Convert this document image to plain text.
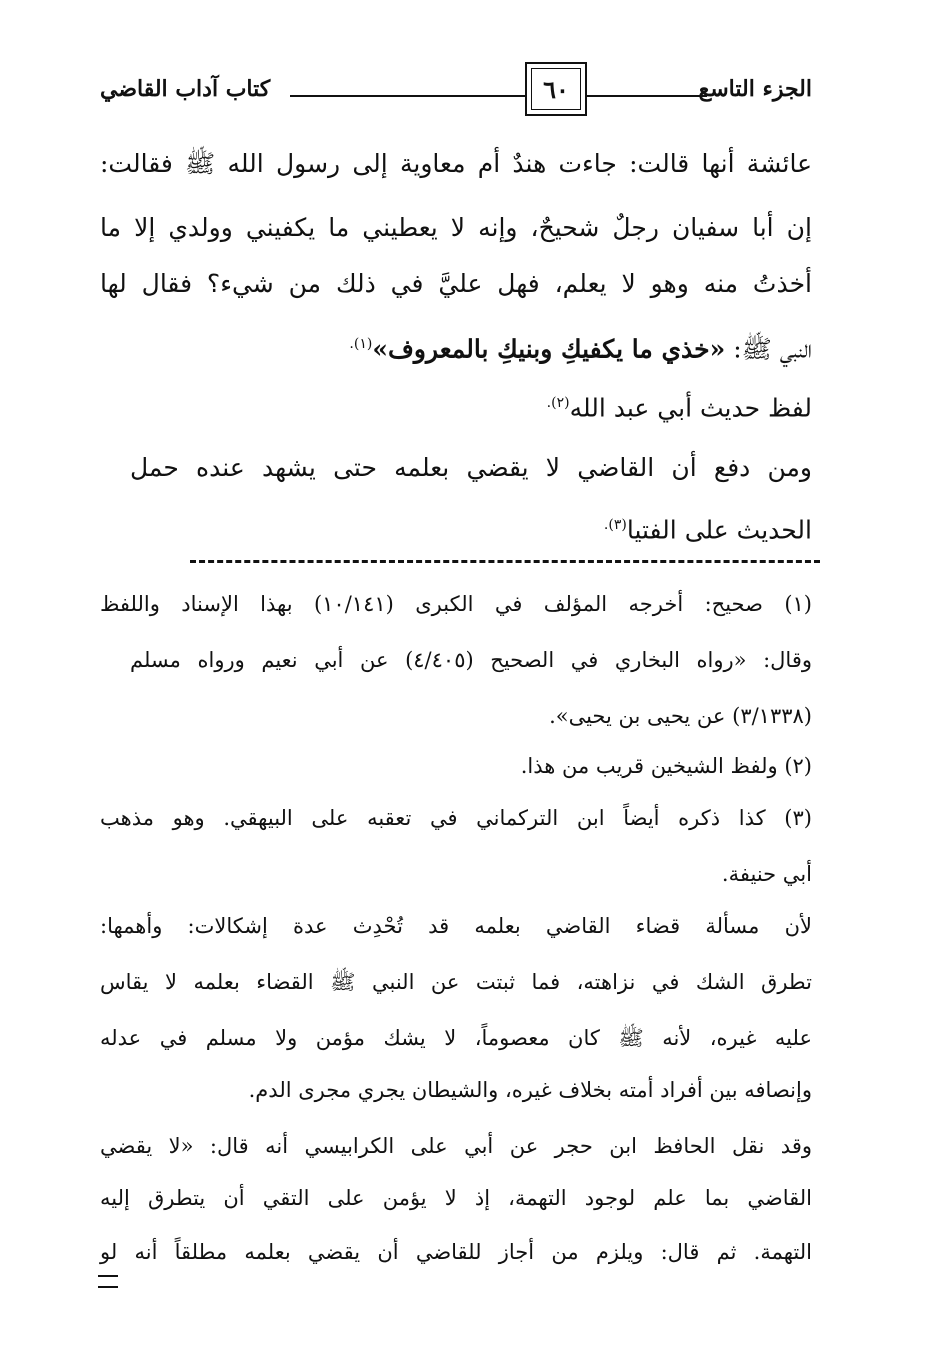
كتاب آداب القاضي	٦٠	الجزء التاسع
عائشة أنها قالت: جاءت هندٌ أم معاوية إلى رسول الله ﷺ فقالت:
إن أبا سفيان رجلٌ شحيحٌ، وإنه لا يعطيني ما يكفيني وولدي إلا ما
أخذتُ منه وهو لا يعلم، فهل عليَّ في ذلك من شيء؟ فقال لها
النبي ﷺ: «خذي ما يكفيكِ وبنيكِ بالمعروف»$^{(١).}$
لفظ حديث أبي عبد الله$^{(٢).}$
ومن دفع أن القاضي لا يقضي بعلمه حتى يشهد عنده حمل
الحديث على الفتيا$^{(٣).}$
(١) صحيح: أخرجه المؤلف في الكبرى (١٠/١٤١) بهذا الإسناد واللفظ
وقال: «رواه البخاري في الصحيح (٤/٤٠٥) عن أبي نعيم ورواه مسلم
(٣/١٣٣٨) عن يحيى بن يحيى».
(٢) ولفظ الشيخين قريب من هذا.
(٣) كذا ذكره أيضاً ابن التركماني في تعقبه على البيهقي. وهو مذهب
أبي حنيفة.
لأن مسألة قضاء القاضي بعلمه قد تُحْدِث عدة إشكالات: وأهمها:
تطرق الشك في نزاهته، فما ثبتت عن النبي ﷺ القضاء بعلمه لا يقاس
عليه غيره، لأنه ﷺ كان معصوماً، لا يشك مؤمن ولا مسلم في عدله
وإنصافه بين أفراد أمته بخلاف غيره، والشيطان يجري مجرى الدم.
وقد نقل الحافظ ابن حجر عن أبي على الكرابيسي أنه قال: «لا يقضي
القاضي بما علم لوجود التهمة، إذ لا يؤمن على التقي أن يتطرق إليه
التهمة. ثم قال: ويلزم من أجاز للقاضي أن يقضي بعلمه مطلقاً أنه لو
